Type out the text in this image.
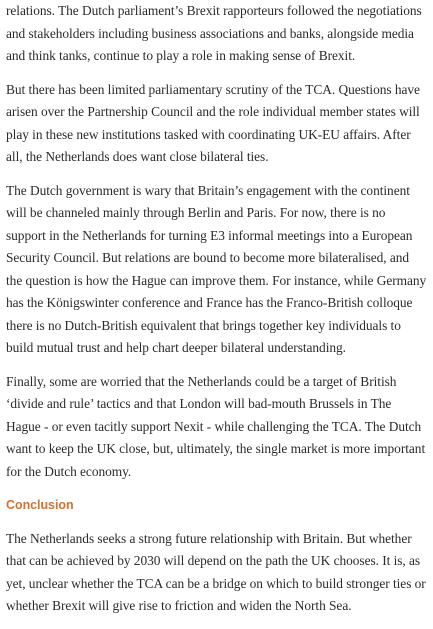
relations. The Dutch parliament’s Brexit rapporteurs followed the negotiations and stakeholders including business associations and banks, alongside media and think tanks, continue to play a role in making sense of Brexit.

But there has been limited parliamentary scrutiny of the TCA. Questions have arisen over the Partnership Council and the role individual member states will play in these new institutions tasked with coordinating UK-EU affairs. After all, the Netherlands does want close bilateral ties.

The Dutch government is wary that Britain’s engagement with the continent will be channeled mainly through Berlin and Paris. For now, there is no support in the Netherlands for turning E3 informal meetings into a European Security Council. But relations are bound to become more bilateralised, and the question is how the Hague can improve them. For instance, while Germany has the Königswinter conference and France has the Franco-British colloque there is no Dutch-British equivalent that brings together key individuals to build mutual trust and help chart deeper bilateral understanding.

Finally, some are worried that the Netherlands could be a target of British ‘divide and rule’ tactics and that London will bad-mouth Brussels in The Hague - or even tacitly support Nexit - while challenging the TCA. The Dutch want to keep the UK close, but, ultimately, the single market is more important for the Dutch economy.

Conclusion

The Netherlands seeks a strong future relationship with Britain. But whether that can be achieved by 2030 will depend on the path the UK chooses. It is, as yet, unclear whether the TCA can be a bridge on which to build stronger ties or whether Brexit will give rise to friction and widen the North Sea.
